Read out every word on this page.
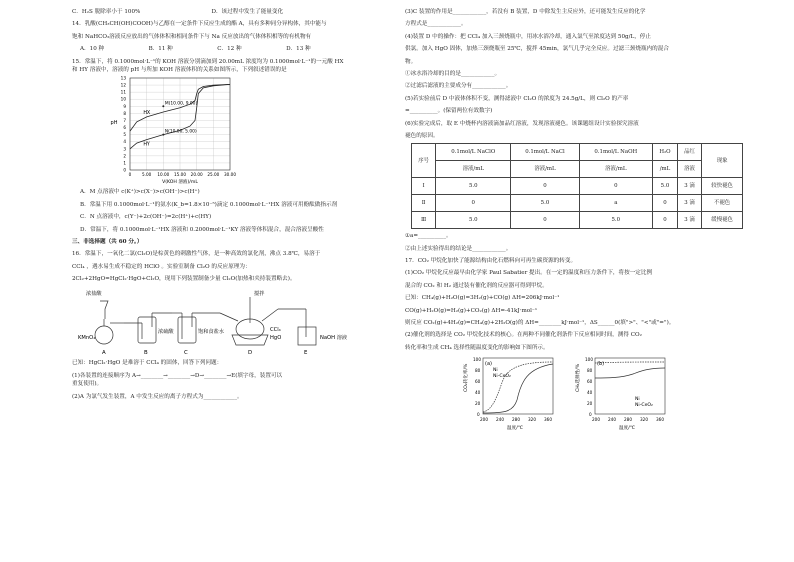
C．H₂S 脱除率小于 100%	D．该过程中发生了能量变化
14．乳酸(CH₃CH(OH)COOH)与乙醇在一定条件下反应生成的酯 A，具有多种同分异构体，其中能与
饱和 NaHCO₃溶液反应放出的气体体积和相同条件下与 Na 反应放出的气体体积相等的有机物有
A．10 种	B．11 种	C．12 种	D．13 种
15．常温下，将 0.1000mol·L⁻¹的 KOH 溶液分别滴加到 20.00mL 浓度均为 0.1000mol·L⁻¹的一元酸 HX
和 HY 溶液中，溶液的 pH 与所加 KOH 溶液体积的关系如图所示，下列叙述错误的是
0
1
2
3
4
5
6
7
8
9
10
11
12
13
0	5.00 10.00 15.00 20.00 25.00 30.00
V(KOH 溶液)/mL
pH
HX
HY
M(10.00, 9.00)
N(10.00, 5.00)
A．M 点溶液中 c(K⁺)>c(X⁻)>c(OH⁻)>c(H⁺)
B．常温下用 0.1000mol·L⁻¹的氨水(K_b=1.8×10⁻⁵)滴定 0.1000mol·L⁻¹HX 溶液可用酚酞做指示剂
C．N 点溶液中，c(Y⁻)+2c(OH⁻)=2c(H⁺)+c(HY)
D．常温下，将 0.1000mol·L⁻¹HX 溶液和 0.2000mol·L⁻¹KY 溶液等体积混合，混合溶液呈酸性
三、非选择题（共 60 分。）
16．常温下，一氧化二氯(Cl₂O)是棕黄色的刺激性气体，是一种高效的氯化剂，沸点 3.8℃，易溶于
CCl₄ ，遇水易生成不稳定的 HClO 。实验室制备 Cl₂O 的反应原理为：
2Cl₂+2HgO=HgCl₂·HgO+Cl₂O，现用下列装置制备少量 Cl₂O(加热和夹持装置略去)。
浓盐酸
KMnO₄
A
浓硫酸
B
饱和食盐水
C
搅拌
CCl₄
HgO
D
NaOH 溶液
E
已知：HgCl₂·HgO 是难溶于 CCl₄ 的固体，回答下列问题：
(1)各装置的连接顺序为 A→________→________→D→________→E(填字母，装置可以
重复使用)。
(2)A 为氯气发生装置，A 中发生反应的离子方程式为____________。
(3)C 装置的作用是____________，若没有 B 装置，D 中除发生主反应外，还可能发生反应的化学
方程式是____________。
(4)装置 D 中的操作：把 CCl₄ 加入三颈烧瓶中，用冰水浴冷却，通入氯气至浓度达到 50g/L，停止
供氯。加入 HgO 固体，加热三颈烧瓶至 25℃，搅拌 45min，氯气几乎完全反应。过滤三颈烧瓶内的混合
物。
①冰水浴冷却的目的是____________。
②过滤后滤液的主要成分有____________。
(5)若实验前后 D 中液体体积不变，测得滤液中 Cl₂O 的浓度为 24.5g/L，则 Cl₂O 的产率
=__________。(保留两位有效数字)
(6)实验完成后，取 E 中烧杯内溶液滴加品红溶液，发现溶液褪色。该课题组设计实验探究溶液
褪色的原因。
序号	0.1mol/L NaClO	0.1mol/L NaCl	0.1mol/L NaOH	H₂O	品红	现象
	溶液/mL	溶液/mL	溶液/mL	/mL	溶液	
Ⅰ	5.0	0	0	5.0	3 滴	较快褪色
Ⅱ	0	5.0	a	0	3 滴	不褪色
Ⅲ	5.0	0	5.0	0	3 滴	缓慢褪色
①a=__________。
②由上述实验得出的结论是____________。
17．CO₂ 甲烷化加快了能源结构由化石燃料向可再生碳资源的转变。
(1)CO₂ 甲烷化反应最早由化学家 Paul Sabatier 提出。在一定的温度和压力条件下，将按一定比例
混合的 CO₂ 和 H₂ 通过装有催化剂的反应器可得到甲烷。
已知：CH₄(g)+H₂O(g)=3H₂(g)+CO(g) ΔH=206kJ·mol⁻¹
CO(g)+H₂O(g)=H₂(g)+CO₂(g) ΔH=-41kJ·mol⁻¹
则反应 CO₂(g)+4H₂(g)=CH₄(g)+2H₂O(g)的 ΔH=________kJ·mol⁻¹，ΔS______0(填">"、"<"或"=")。
(2)催化剂的选择是 CO₂ 甲烷化技术的核心。在两种不同催化剂条件下反应相同时间，测得 CO₂
转化率和生成 CH₄ 选择性随温度变化的影响如下图所示。
(a)
Ni
Ni-CeO₂
CO₂转化率/%
0
20
40
60
80
100
200 240 280 320 360
温度/℃
(b)
Ni
Ni-CeO₂
CH₄选择性/%
0
20
40
60
80
100
200 240 280 320 360
温度/℃
